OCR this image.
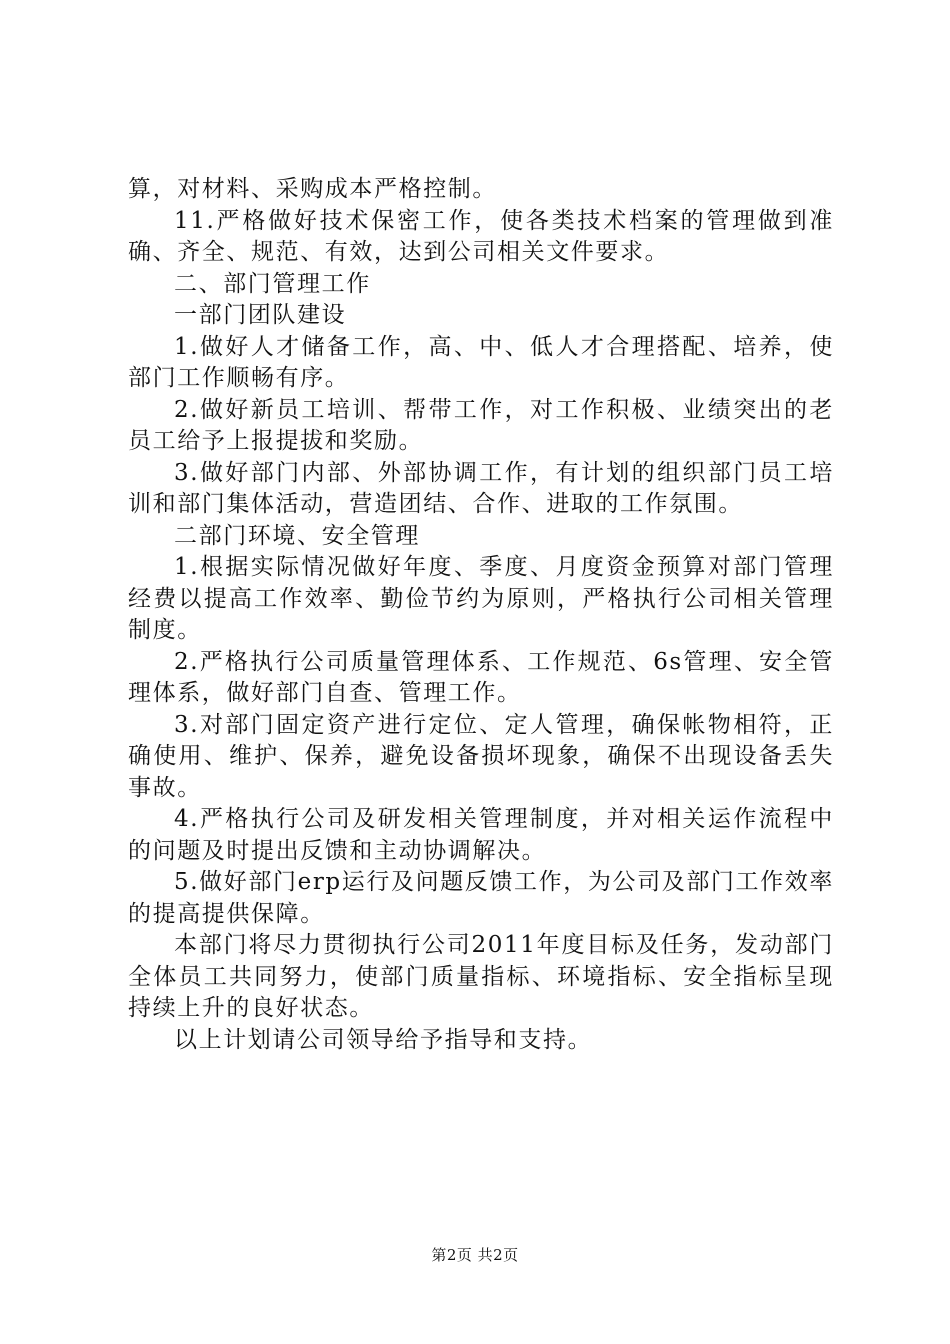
算，对材料、采购成本严格控制。

11.严格做好技术保密工作，使各类技术档案的管理做到准确、齐全、规范、有效，达到公司相关文件要求。

二、部门管理工作

一部门团队建设

1.做好人才储备工作，高、中、低人才合理搭配、培养，使部门工作顺畅有序。

2.做好新员工培训、帮带工作，对工作积极、业绩突出的老员工给予上报提拔和奖励。

3.做好部门内部、外部协调工作，有计划的组织部门员工培训和部门集体活动，营造团结、合作、进取的工作氛围。

二部门环境、安全管理

1.根据实际情况做好年度、季度、月度资金预算对部门管理经费以提高工作效率、勤俭节约为原则，严格执行公司相关管理制度。

2.严格执行公司质量管理体系、工作规范、6s管理、安全管理体系，做好部门自查、管理工作。

3.对部门固定资产进行定位、定人管理，确保帐物相符，正确使用、维护、保养，避免设备损坏现象，确保不出现设备丢失事故。

4.严格执行公司及研发相关管理制度，并对相关运作流程中的问题及时提出反馈和主动协调解决。

5.做好部门erp运行及问题反馈工作，为公司及部门工作效率的提高提供保障。

本部门将尽力贯彻执行公司2011年度目标及任务，发动部门全体员工共同努力，使部门质量指标、环境指标、安全指标呈现持续上升的良好状态。

以上计划请公司领导给予指导和支持。

第2页 共2页
